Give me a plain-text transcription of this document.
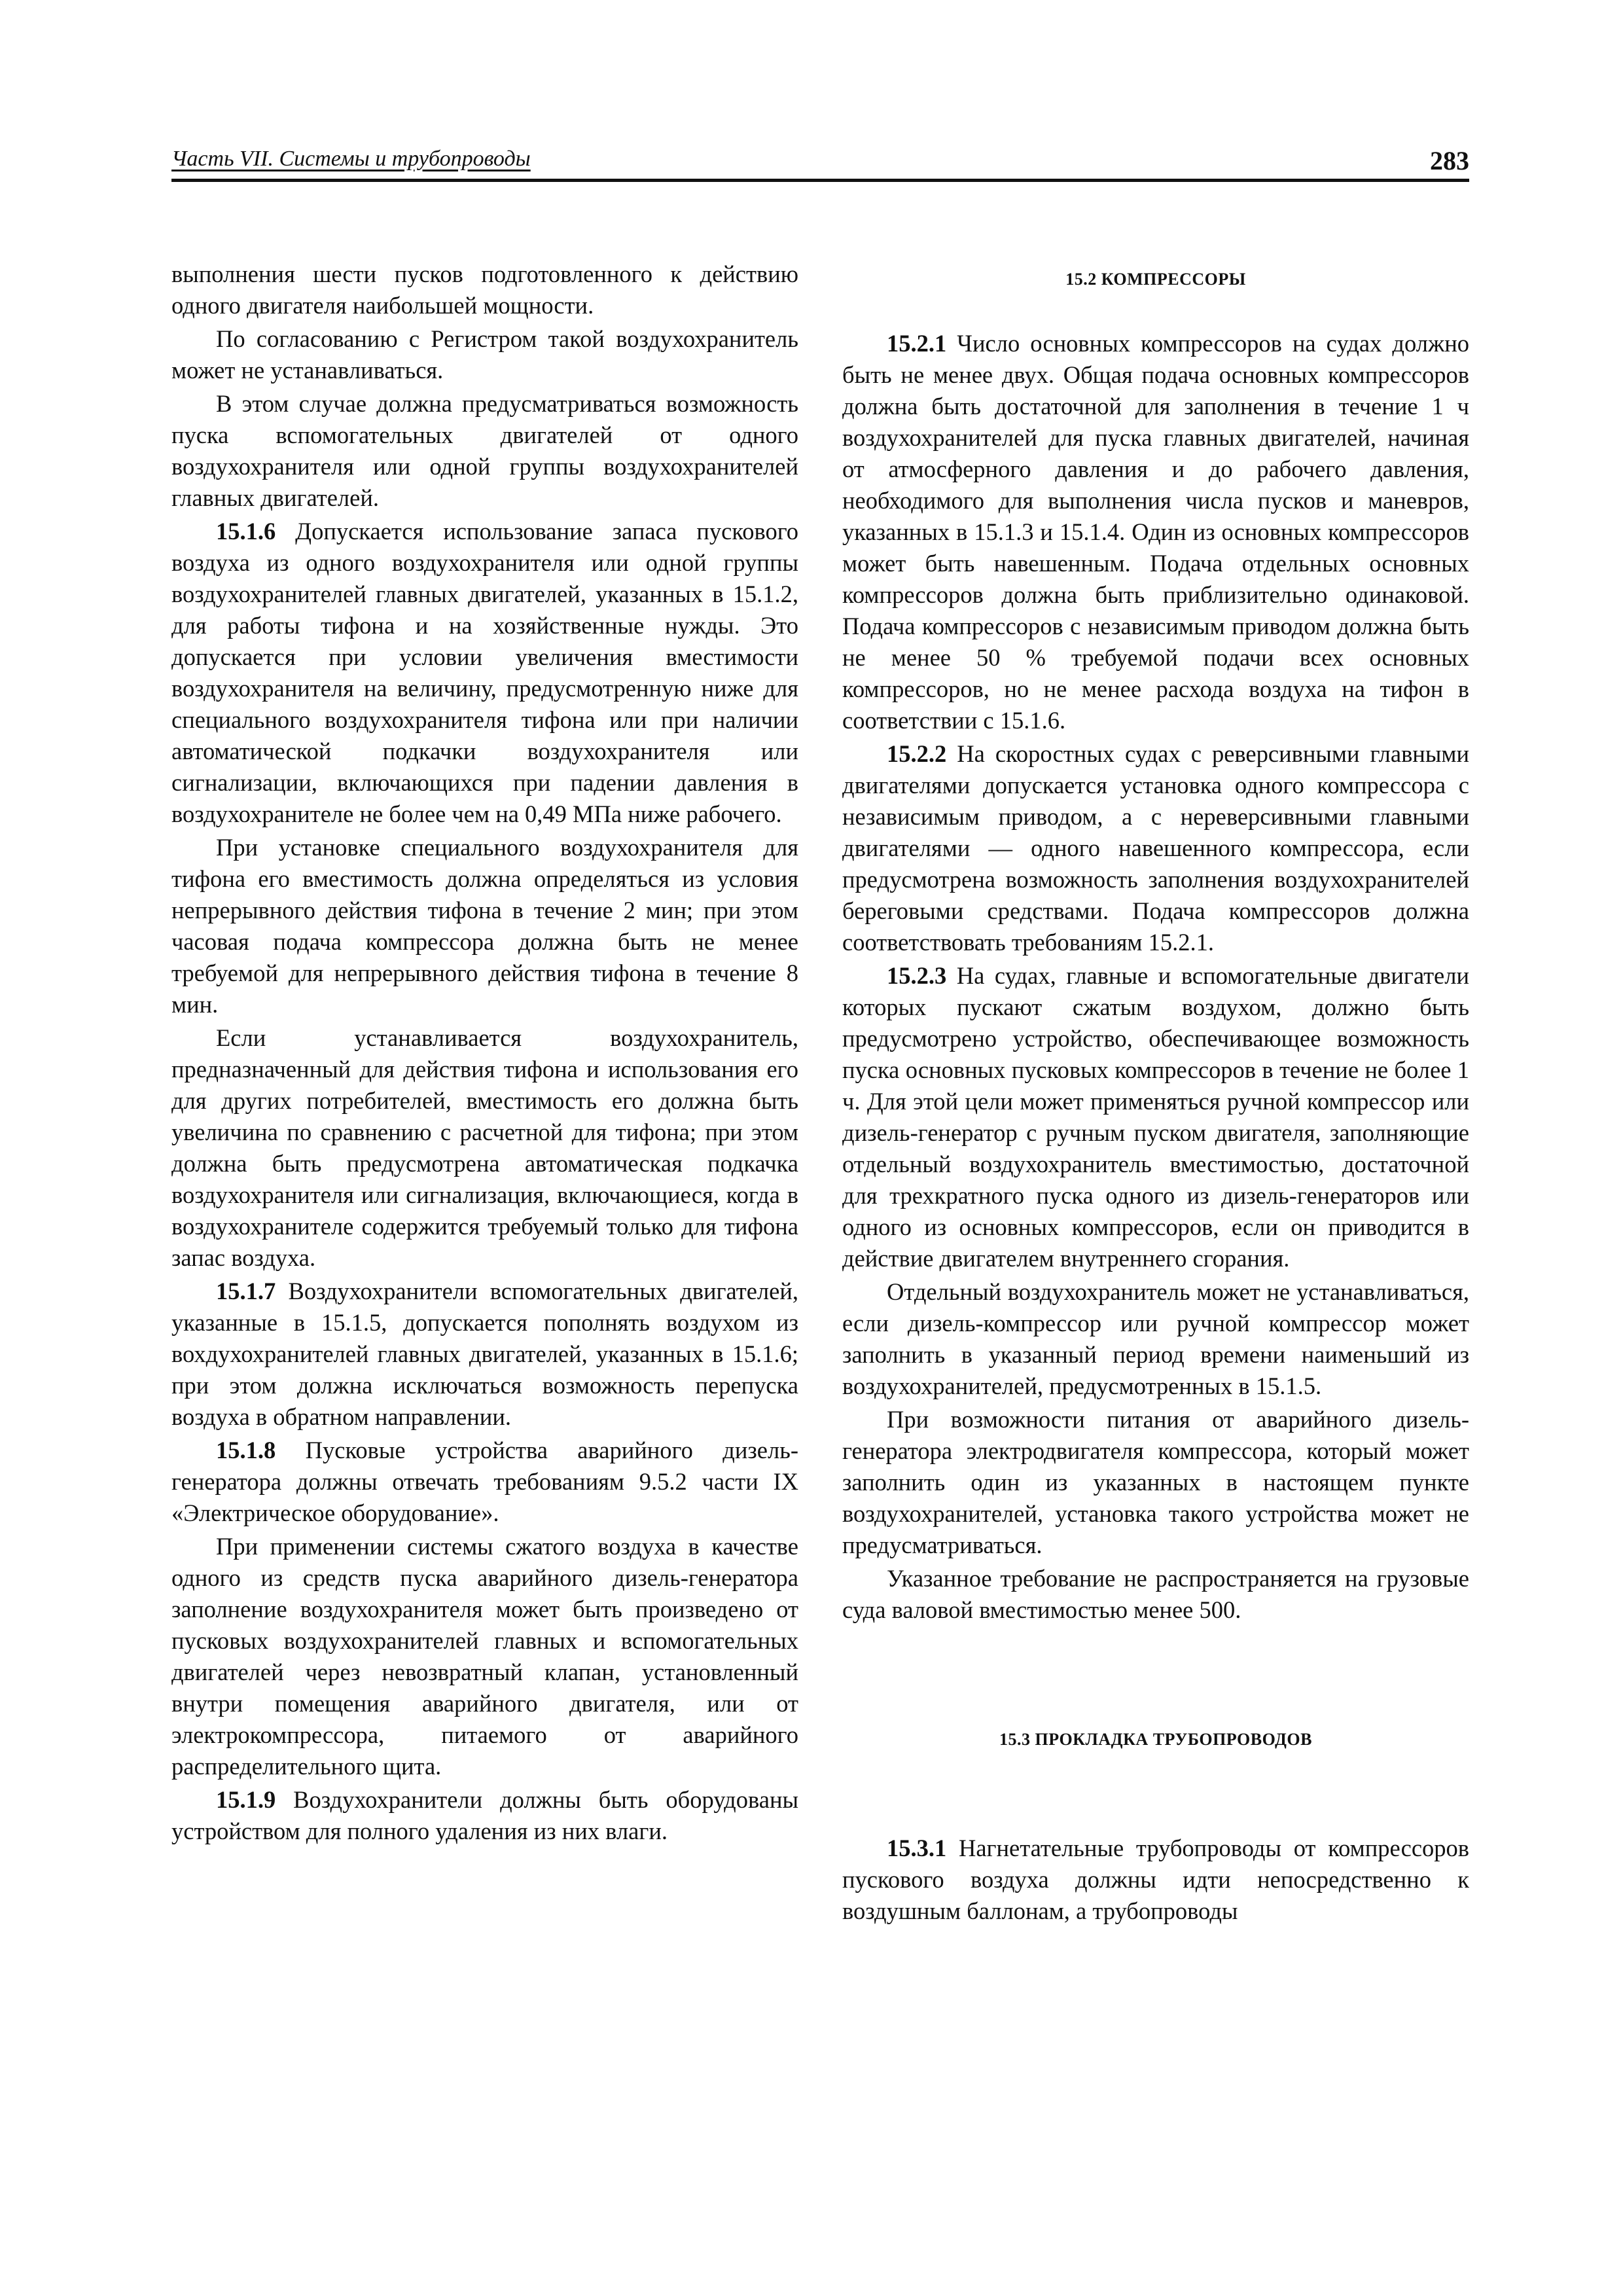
Часть VII. Системы и трубопроводы	283

выполнения шести пусков подготовленного к действию одного двигателя наибольшей мощности.

По согласованию с Регистром такой воздухохранитель может не устанавливаться.

В этом случае должна предусматриваться возможность пуска вспомогательных двигателей от одного воздухохранителя или одной группы воздухохранителей главных двигателей.

15.1.6 Допускается использование запаса пускового воздуха из одного воздухохранителя или одной группы воздухохранителей главных двигателей, указанных в 15.1.2, для работы тифона и на хозяйственные нужды. Это допускается при условии увеличения вместимости воздухохранителя на величину, предусмотренную ниже для специального воздухохранителя тифона или при наличии автоматической подкачки воздухохранителя или сигнализации, включающихся при падении давления в воздухохранителе не более чем на 0,49 МПа ниже рабочего.

При установке специального воздухохранителя для тифона его вместимость должна определяться из условия непрерывного действия тифона в течение 2 мин; при этом часовая подача компрессора должна быть не менее требуемой для непрерывного действия тифона в течение 8 мин.

Если устанавливается воздухохранитель, предназначенный для действия тифона и использования его для других потребителей, вместимость его должна быть увеличина по сравнению с расчетной для тифона; при этом должна быть предусмотрена автоматическая подкачка воздухохранителя или сигнализация, включающиеся, когда в воздухохранителе содержится требуемый только для тифона запас воздуха.

15.1.7 Воздухохранители вспомогательных двигателей, указанные в 15.1.5, допускается пополнять воздухом из вохдухохранителей главных двигателей, указанных в 15.1.6; при этом должна исключаться возможность перепуска воздуха в обратном направлении.

15.1.8 Пусковые устройства аварийного дизель-генератора должны отвечать требованиям 9.5.2 части IX «Электрическое оборудование».

При применении системы сжатого воздуха в качестве одного из средств пуска аварийного дизель-генератора заполнение воздухохранителя может быть произведено от пусковых воздухохранителей главных и вспомогательных двигателей через невозвратный клапан, установленный внутри помещения аварийного двигателя, или от электрокомпрессора, питаемого от аварийного распределительного щита.

15.1.9 Воздухохранители должны быть оборудованы устройством для полного удаления из них влаги.

15.2 КОМПРЕССОРЫ

15.2.1 Число основных компрессоров на судах должно быть не менее двух. Общая подача основных компрессоров должна быть достаточной для заполнения в течение 1 ч воздухохранителей для пуска главных двигателей, начиная от атмосферного давления и до рабочего давления, необходимого для выполнения числа пусков и маневров, указанных в 15.1.3 и 15.1.4. Один из основных компрессоров может быть навешенным. Подача отдельных основных компрессоров должна быть приблизительно одинаковой. Подача компрессоров с независимым приводом должна быть не менее 50 % требуемой подачи всех основных компрессоров, но не менее расхода воздуха на тифон в соответствии с 15.1.6.

15.2.2 На скоростных судах с реверсивными главными двигателями допускается установка одного компрессора с независимым приводом, а с нереверсивными главными двигателями — одного навешенного компрессора, если предусмотрена возможность заполнения воздухохранителей береговыми средствами. Подача компрессоров должна соответствовать требованиям 15.2.1.

15.2.3 На судах, главные и вспомогательные двигатели которых пускают сжатым воздухом, должно быть предусмотрено устройство, обеспечивающее возможность пуска основных пусковых компрессоров в течение не более 1 ч. Для этой цели может применяться ручной компрессор или дизель-генератор с ручным пуском двигателя, заполняющие отдельный воздухохранитель вместимостью, достаточной для трехкратного пуска одного из дизель-генераторов или одного из основных компрессоров, если он приводится в действие двигателем внутреннего сгорания.

Отдельный воздухохранитель может не устанавливаться, если дизель-компрессор или ручной компрессор может заполнить в указанный период времени наименьший из воздухохранителей, предусмотренных в 15.1.5.

При возможности питания от аварийного дизель-генератора электродвигателя компрессора, который может заполнить один из указанных в настоящем пункте воздухохранителей, установка такого устройства может не предусматриваться.

Указанное требование не распространяется на грузовые суда валовой вместимостью менее 500.

15.3 ПРОКЛАДКА ТРУБОПРОВОДОВ

15.3.1 Нагнетательные трубопроводы от компрессоров пускового воздуха должны идти непосредственно к воздушным баллонам, а трубопроводы
